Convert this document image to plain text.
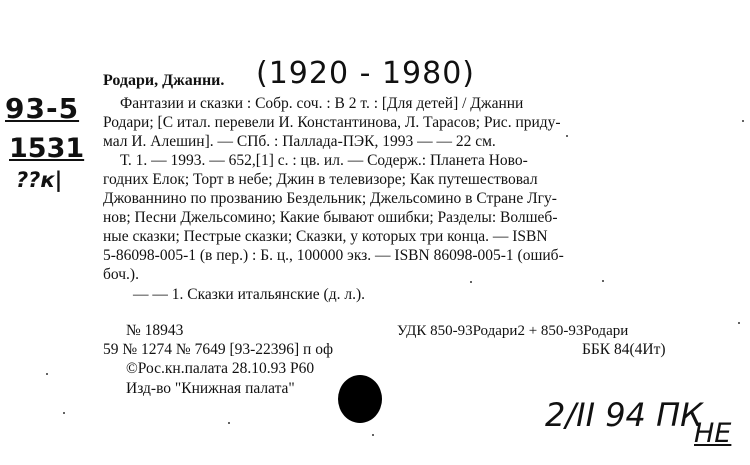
93-5
1531
??к|
Родари, Джанни. (1920 - 1980)
Фантазии и сказки : Собр. соч. : В 2 т. : [Для детей] / Джанни
Родари; [С итал. перевели И. Константинова, Л. Тарасов; Рис. приду-
мал И. Алешин]. — СПб. : Паллада-ПЭК, 1993 — — 22 см.
Т. 1. — 1993. — 652,[1] с. : цв. ил. — Содерж.: Планета Ново-
годних Елок; Торт в небе; Джин в телевизоре; Как путешествовал
Джованнино по прозванию Бездельник; Джельсомино в Стране Лгу-
нов; Песни Джельсомино; Какие бывают ошибки; Разделы: Волшеб-
ные сказки; Пестрые сказки; Сказки, у которых три конца. — ISBN
5-86098-005-1 (в пер.) : Б. ц., 100000 экз. — ISBN 86098-005-1 (ошиб-
боч.).
— — 1. Сказки итальянские (д. л.).
№ 18943	УДК 850-93Родари2 + 850-93Родари
59 № 1274 № 7649 [93-22396] п оф	ББК 84(4Ит)
©Рос.кн.палата 28.10.93 Р60
Изд-во "Книжная палата"
2/II 94 ПК
НЕ
